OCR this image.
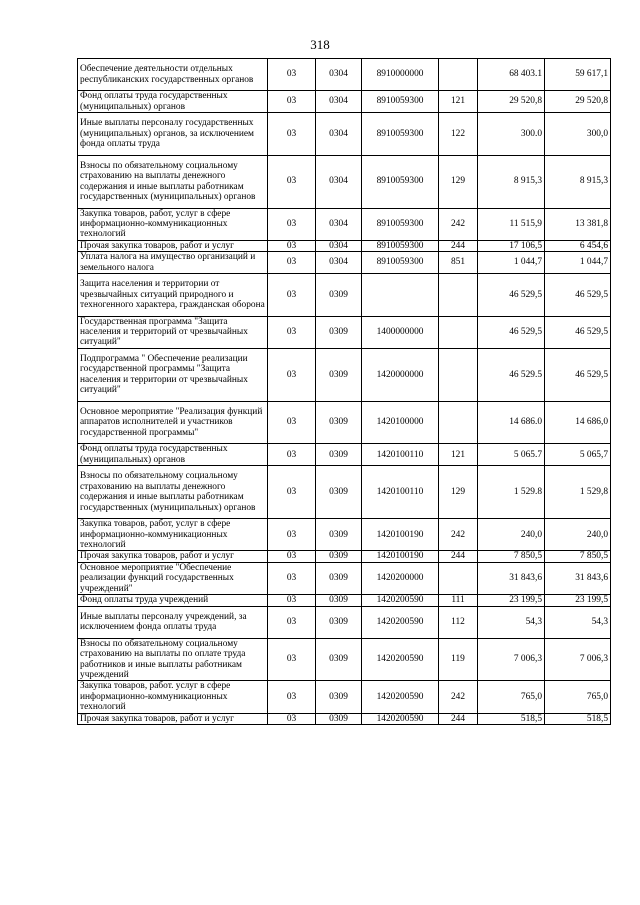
318
Обеспечение деятельности отдельных республиканских государственных органов	03	0304	8910000000		68 403.1	59 617,1
Фонд оплаты труда государственных (муниципальных) органов	03	0304	8910059300	121	29 520,8	29 520,8
Иные выплаты персоналу государственных (муниципальных) органов, за исключением фонда оплаты труда	03	0304	8910059300	122	300.0	300,0
Взносы по обязательному социальному страхованию на выплаты денежного содержания и иные выплаты работникам государственных (муниципальных) органов	03	0304	8910059300	129	8 915,3	8 915,3
Закупка товаров, работ, услуг в сфере информационно-коммуникационных технологий	03	0304	8910059300	242	11 515,9	13 381,8
Прочая закупка товаров, работ и услуг	03	0304	8910059300	244	17 106,5	6 454,6
Уплата налога на имущество организаций и земельного налога	03	0304	8910059300	851	1 044,7	1 044,7
Защита населения и территории от чрезвычайных ситуаций природного и техногенного характера, гражданская оборона	03	0309			46 529,5	46 529,5
Государственная программа "Защита населения и территорий от чрезвычайных ситуаций"	03	0309	1400000000		46 529,5	46 529,5
Подпрограмма " Обеспечение реализации государственной программы "Защита населения и территории от чрезвычайных ситуаций"	03	0309	1420000000		46 529.5	46 529,5
Основное мероприятие "Реализация функций аппаратов исполнителей и участников государственной программы"	03	0309	1420100000		14 686.0	14 686,0
Фонд оплаты труда государственных (муниципальных) органов	03	0309	1420100110	121	5 065.7	5 065,7
Взносы по обязательному социальному страхованию на выплаты денежного содержания и иные выплаты работникам государственных (муниципальных) органов	03	0309	1420100110	129	1 529.8	1 529,8
Закупка товаров, работ, услуг в сфере информационно-коммуникационных технологий	03	0309	1420100190	242	240,0	240,0
Прочая закупка товаров, работ и услуг	03	0309	1420100190	244	7 850,5	7 850,5
Основное мероприятие "Обеспечение реализации функций государственных учреждений"	03	0309	1420200000		31 843,6	31 843,6
Фонд оплаты труда учреждений	03	0309	1420200590	111	23 199,5	23 199,5
Иные выплаты персоналу учреждений, за исключением фонда оплаты труда	03	0309	1420200590	112	54,3	54,3
Взносы по обязательному социальному страхованию на выплаты по оплате труда работников и иные выплаты работникам учреждений	03	0309	1420200590	119	7 006,3	7 006,3
Закупка товаров, работ. услуг в сфере информационно-коммуникационных технологий	03	0309	1420200590	242	765,0	765,0
Прочая закупка товаров, работ и услуг	03	0309	1420200590	244	518,5	518,5
